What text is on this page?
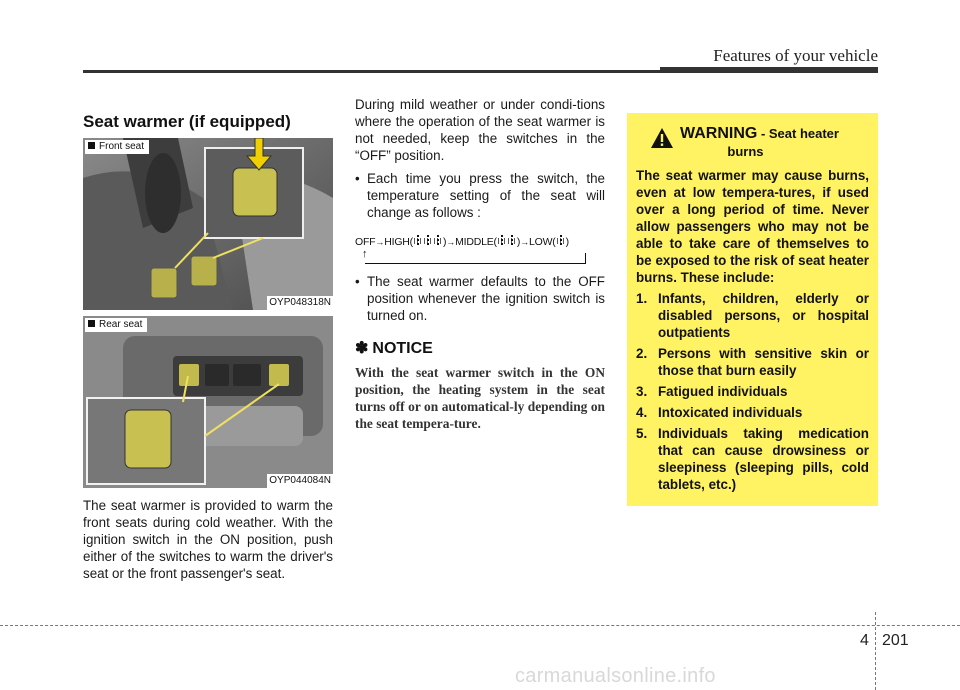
Features of your vehicle
Seat warmer (if equipped)
Front seat
OYP048318N
Rear seat
OYP044084N

The seat warmer is provided to warm the front seats during cold weather. With the ignition switch in the ON position, push either of the switches to warm the driver's seat or the front passenger's seat.

During mild weather or under condi-tions where the operation of the seat warmer is not needed, keep the switches in the “OFF” position.

• Each time you press the switch, the temperature setting of the seat will change as follows :

OFF→HIGH(	)→MIDDLE( )→LOW( )
↑

• The seat warmer defaults to the OFF position whenever the ignition switch is turned on.

✽ NOTICE

With the seat warmer switch in the ON position, the heating system in the seat turns off or on automatical-ly depending on the seat tempera-ture.

WARNING - Seat heater
burns

The seat warmer may cause burns, even at low tempera-tures, if used over a long period of time. Never allow passengers who may not be able to take care of themselves to be exposed to the risk of seat heater burns. These include:

1. Infants, children, elderly or disabled persons, or hospital outpatients
2. Persons with sensitive skin or those that burn easily
3. Fatigued individuals
4. Intoxicated individuals
5. Individuals taking medication that can cause drowsiness or sleepiness (sleeping pills, cold tablets, etc.)
4 201
carmanualsonline.info
